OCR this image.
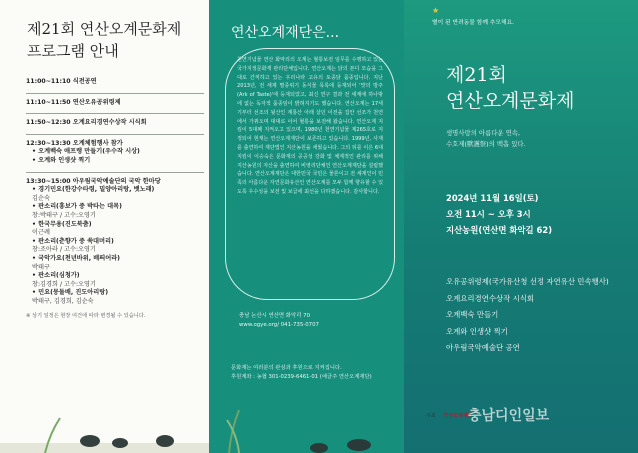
제21회 연산오계문화제
프로그램 안내
11:00~11:10 식전공연
11:10~11:50 연산오유공위령제
11:50~12:30 오계요리경연수상작 시식회
12:30~13:30 오계체험행사 참가
• 오계백숙 애프랭 만들기(우수작 시상)
• 오계와 인생샷 찍기
13:30~15:00 아우림국악예술단의 국악 한마당
• 경기민요(한강수타령, 밀양아리랑, 뱃노래)
김순숙
• 판소리(흥보가 중 박타는 대목)
창:박태구 / 고수:오영기
• 한국무용(진도북춤)
이근례
• 판소리(춘향가 중 쑥대머리)
창:조아라 / 고수:오영기
• 국악가요(천년바위, 배띄어라)
박태구
• 판소리(심청가)
창:김경희 / 고수:오영기
• 민요(뭉돌배, 진도아리랑)
박태구, 김경희, 김순숙
※ 상기 일정은 현장 여건에 따라 변경될 수 있습니다.
연산오계재단은...
천연기념물 연산 화악리의 오계는 혈통보전 임무를 수행하고 있는 국가지정문화재 관리단체입니다. 연산오계는 닭의 본디 모습을 그대로 간직하고 있는 우리나라 고유의 토종닭 품종입니다. 지난 2013년, 전 세계 멸종위기 동식물 목록에 등재되어 '맛의 방주(Ark of Taste)'에 등재되었고, 최신 연구 결과 전 세계에 하나밖에 없는 독자적 품종임이 밝혀지기도 했습니다. 연산오계는 17세기부터 선조의 뒷산인 계룡산 아래 살던 이전을 집안 선조가 천연에서 가꿔오며 대대로 이어 혈통을 보전해 왔습니다. 연산오계 지킴이 5대째 지켜오고 있으며, 1980년 천연기념물 제265호로 지정되어 현재는 연산오계재단이 보존하고 있습니다. 1999년, 사재를 출연하여 재단법인 지산농원을 세웠습니다. 그의 뒤를 이은 6대 지킴이 이승숙은 문화재의 공공성 강화 및 체계적인 관리를 위해 지산농원의 자산을 출연하여 비영리단체인 연산오계재단을 설립했습니다. 연산오계재단은 대한민국 국민은 물론이고 전 세계인이 민족의 아름다운 자연문화유산인 연산오계를 모두 함께 향유할 수 있도록 우수성을 보전 및 보급에 최선을 다하겠습니다. 감사합니다.
충남 논산시 연산면 화악리 70
www.ogye.org/ 041-735-0707
문화재는 여러분의 관심과 후원으로 지켜집니다.
후원계좌 : 농협 301-0239-6461-01 (예금주 연산오계재단)
★
별이 된 반려동물 함께 추모해요.
제21회
연산오계문화제
생명사랑의 아름다운 연속,
수호제(獸護祭)의 백홉 있다.
2024년 11월 16일(토)
오전 11시 ~ 오후 3시
지산농원(연산면 화악길 62)
오유공위령제(국가유산청 선정 자연유산 민속행사)
오계요리경연수상작 시식회
오계백숙 만들기
오계와 인생샷 찍기
아우림국악예술단 공연
주최 연산오계재단
충남디인일보
